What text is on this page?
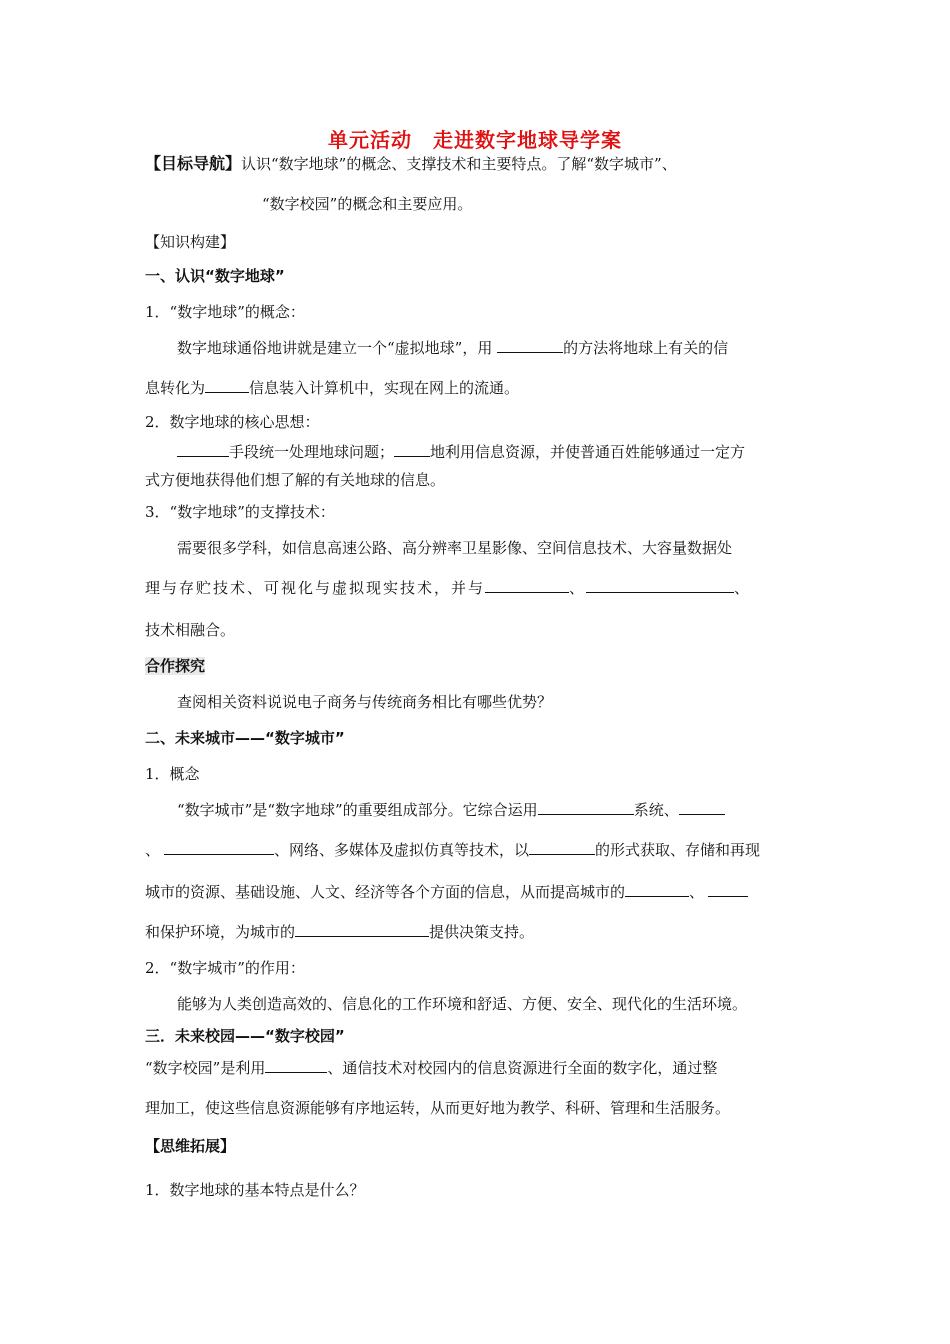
单元活动　走进数字地球导学案
【目标导航】认识“数字地球”的概念、支撑技术和主要特点。了解“数字城市”、
“数字校园”的概念和主要应用。
【知识构建】
一、认识“数字地球”
1．“数字地球”的概念：
数字地球通俗地讲就是建立一个“虚拟地球”，用	的方法将地球上有关的信
息转化为	信息装入计算机中，实现在网上的流通。
2．数字地球的核心思想：
手段统一处理地球问题； 地利用信息资源，并使普通百姓能够通过一定方
式方便地获得他们想了解的有关地球的信息。
3．“数字地球”的支撑技术：
需要很多学科，如信息高速公路、高分辨率卫星影像、空间信息技术、大容量数据处
理与存贮技术、可视化与虚拟现实技术，并与	、	、
技术相融合。
合作探究
查阅相关资料说说电子商务与传统商务相比有哪些优势？
二、未来城市——“数字城市”
1．概念
“数字城市”是“数字地球”的重要组成部分。它综合运用	系统、
、	、网络、多媒体及虚拟仿真等技术，以	的形式获取、存储和再现
城市的资源、基础设施、人文、经济等各个方面的信息，从而提高城市的	、
和保护环境，为城市的	提供决策支持。
2．“数字城市”的作用：
能够为人类创造高效的、信息化的工作环境和舒适、方便、安全、现代化的生活环境。
三．未来校园——“数字校园”
“数字校园”是利用	、通信技术对校园内的信息资源进行全面的数字化，通过整
理加工，使这些信息资源能够有序地运转，从而更好地为教学、科研、管理和生活服务。
【思维拓展】
1．数字地球的基本特点是什么？
